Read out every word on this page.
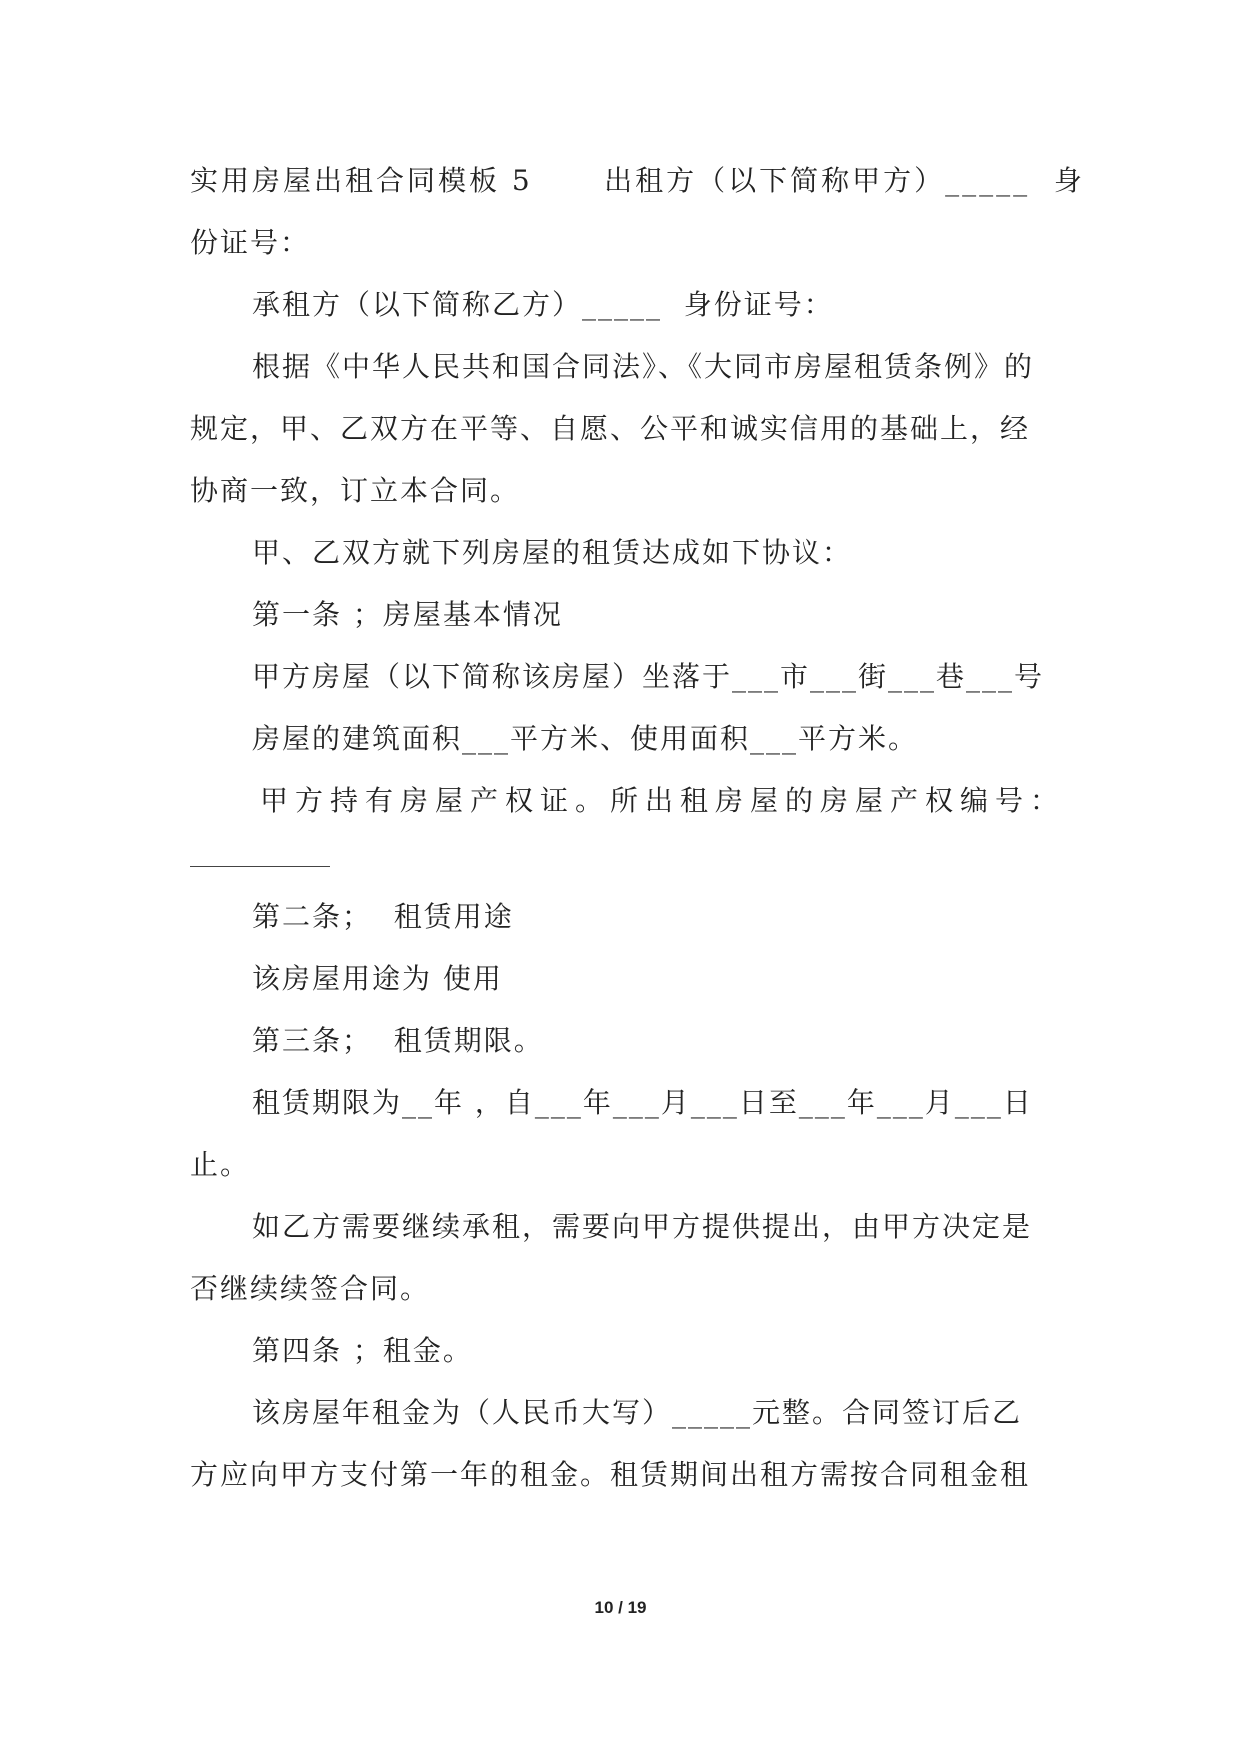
实用房屋出租合同模板 5      出租方（以下简称甲方）_____  身
份证号：
承租方（以下简称乙方）_____  身份证号：
根据《中华人民共和国合同法》、《大同市房屋租赁条例》的
规定，甲、乙双方在平等、自愿、公平和诚实信用的基础上，经
协商一致，订立本合同。
甲、乙双方就下列房屋的租赁达成如下协议：
第一条 ；房屋基本情况
甲方房屋（以下简称该房屋）坐落于___市___街___巷___号
房屋的建筑面积___平方米、使用面积___平方米。
甲方持有房屋产权证。所出租房屋的房屋产权编号：
第二条；  租赁用途
该房屋用途为 使用
第三条；  租赁期限。
租赁期限为__年 ，自___年___月___日至___年___月___日
止。
如乙方需要继续承租，需要向甲方提供提出，由甲方决定是
否继续续签合同。
第四条 ；租金。
该房屋年租金为（人民币大写）_____元整。合同签订后乙
方应向甲方支付第一年的租金。租赁期间出租方需按合同租金租
10 / 19
